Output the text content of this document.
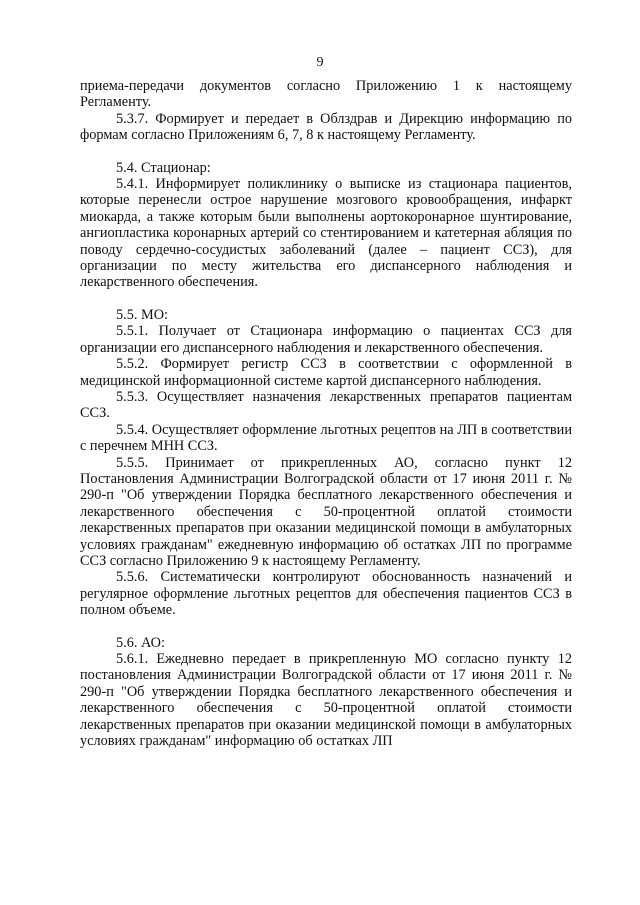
9

приема-передачи документов согласно Приложению 1 к настоящему Регламенту.

5.3.7. Формирует и передает в Облздрав и Дирекцию информацию по формам согласно Приложениям 6, 7, 8 к настоящему Регламенту.

5.4. Стационар:

5.4.1. Информирует поликлинику о выписке из стационара пациентов, которые перенесли острое нарушение мозгового кровообращения, инфаркт миокарда, а также которым были выполнены аортокоронарное шунтирование, ангиопластика коронарных артерий со стентированием и катетерная абляция по поводу сердечно-сосудистых заболеваний (далее – пациент ССЗ), для организации по месту жительства его диспансерного наблюдения и лекарственного обеспечения.

5.5. МО:

5.5.1. Получает от Стационара информацию о пациентах ССЗ для организации его диспансерного наблюдения и лекарственного обеспечения.

5.5.2. Формирует регистр ССЗ в соответствии с оформленной в медицинской информационной системе картой диспансерного наблюдения.

5.5.3. Осуществляет назначения лекарственных препаратов пациентам ССЗ.

5.5.4. Осуществляет оформление льготных рецептов на ЛП в соответствии с перечнем МНН ССЗ.

5.5.5. Принимает от прикрепленных АО, согласно пункт 12 Постановления Администрации Волгоградской области от 17 июня 2011 г. № 290-п "Об утверждении Порядка бесплатного лекарственного обеспечения и лекарственного обеспечения с 50-процентной оплатой стоимости лекарственных препаратов при оказании медицинской помощи в амбулаторных условиях гражданам" ежедневную информацию об остатках ЛП по программе ССЗ согласно Приложению 9 к настоящему Регламенту.

5.5.6. Систематически контролируют обоснованность назначений и регулярное оформление льготных рецептов для обеспечения пациентов ССЗ в полном объеме.

5.6. АО:

5.6.1. Ежедневно передает в прикрепленную МО согласно пункту 12 постановления Администрации Волгоградской области от 17 июня 2011 г. № 290-п "Об утверждении Порядка бесплатного лекарственного обеспечения и лекарственного обеспечения с 50-процентной оплатой стоимости лекарственных препаратов при оказании медицинской помощи в амбулаторных условиях гражданам" информацию об остатках ЛП
